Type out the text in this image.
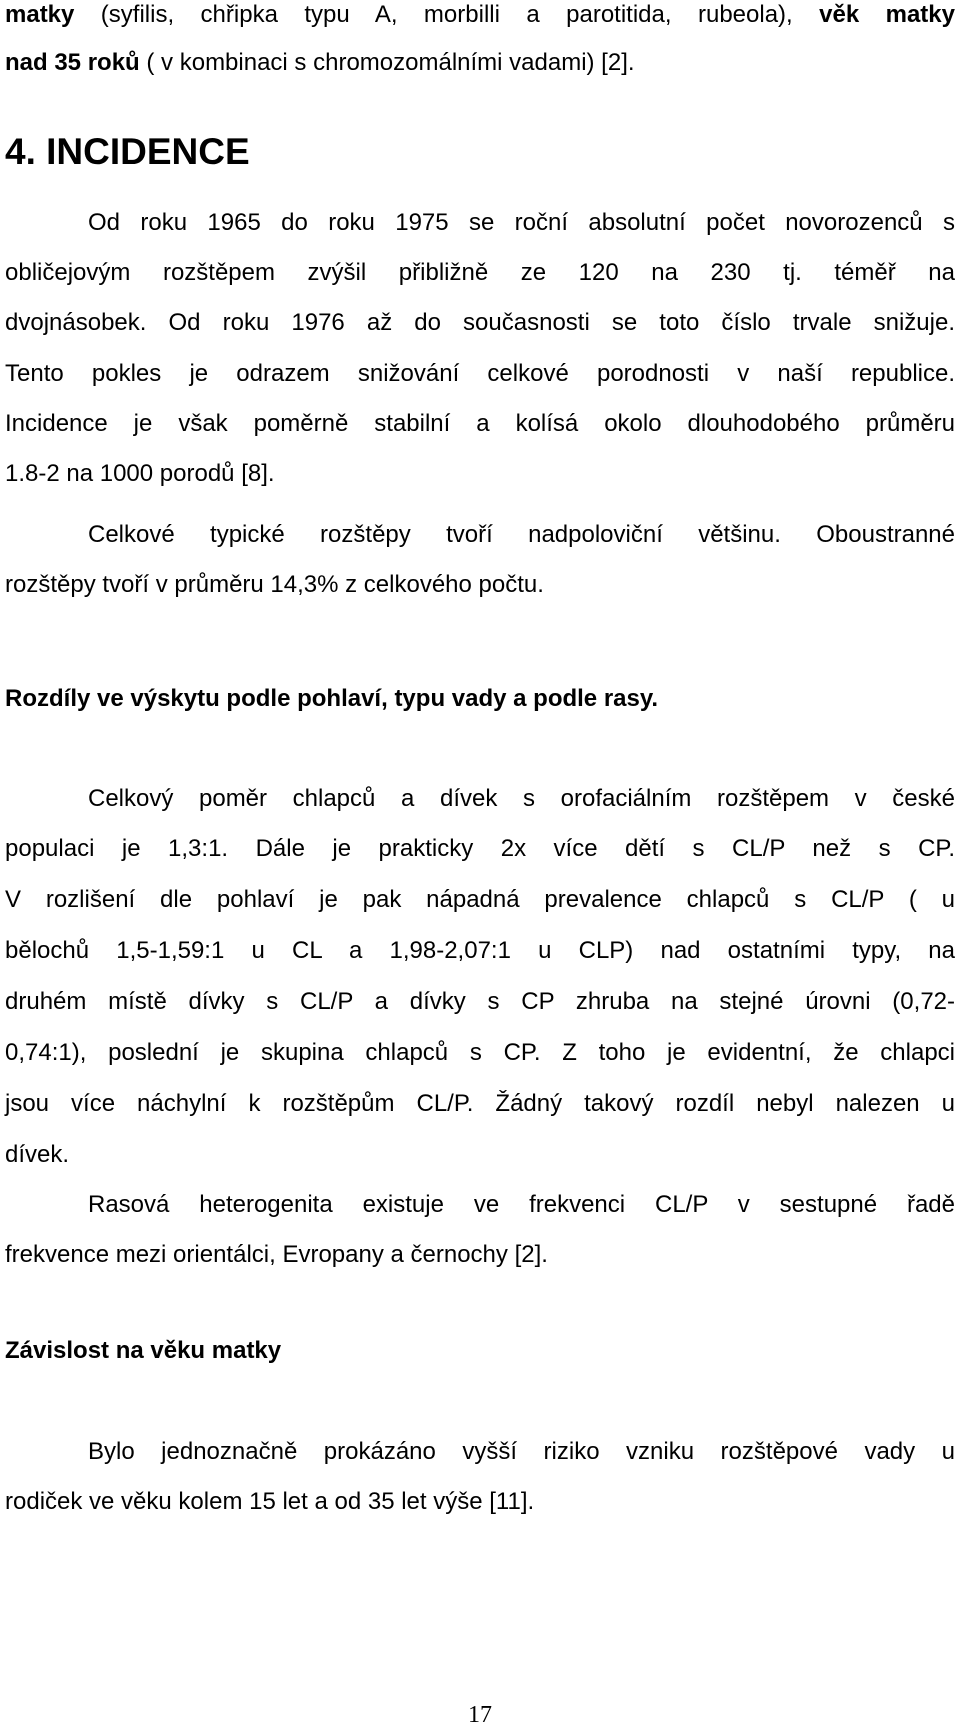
matky (syfilis, chřipka typu A, morbilli a parotitida, rubeola), věk matky
nad 35 roků ( v kombinaci s chromozomálními vadami) [2].
4. INCIDENCE
Od roku 1965 do roku 1975 se roční absolutní počet novorozenců s
obličejovým rozštěpem zvýšil přibližně ze 120 na 230 tj. téměř na
dvojnásobek. Od roku 1976 až do současnosti se toto číslo trvale snižuje.
Tento pokles je odrazem snižování celkové porodnosti v naší republice.
Incidence je však poměrně stabilní a kolísá okolo dlouhodobého průměru
1.8-2 na 1000 porodů [8].
Celkové typické rozštěpy tvoří nadpoloviční většinu. Oboustranné
rozštěpy tvoří v průměru 14,3% z celkového počtu.
Rozdíly ve výskytu podle pohlaví, typu vady a podle rasy.
Celkový poměr chlapců a dívek s orofaciálním rozštěpem v české
populaci je 1,3:1. Dále je prakticky 2x více dětí s CL/P než s CP.
V rozlišení dle pohlaví je pak nápadná prevalence chlapců s CL/P ( u
bělochů 1,5-1,59:1 u CL a 1,98-2,07:1 u CLP) nad ostatními typy, na
druhém místě dívky s CL/P a dívky s CP zhruba na stejné úrovni (0,72-
0,74:1), poslední je skupina chlapců s CP. Z toho je evidentní, že chlapci
jsou více náchylní k rozštěpům CL/P. Žádný takový rozdíl nebyl nalezen u
dívek.
Rasová heterogenita existuje ve frekvenci CL/P v sestupné řadě
frekvence mezi orientálci, Evropany a černochy [2].
Závislost na věku matky
Bylo jednoznačně prokázáno vyšší riziko vzniku rozštěpové vady u
rodiček ve věku kolem 15 let a od 35 let výše [11].
17
